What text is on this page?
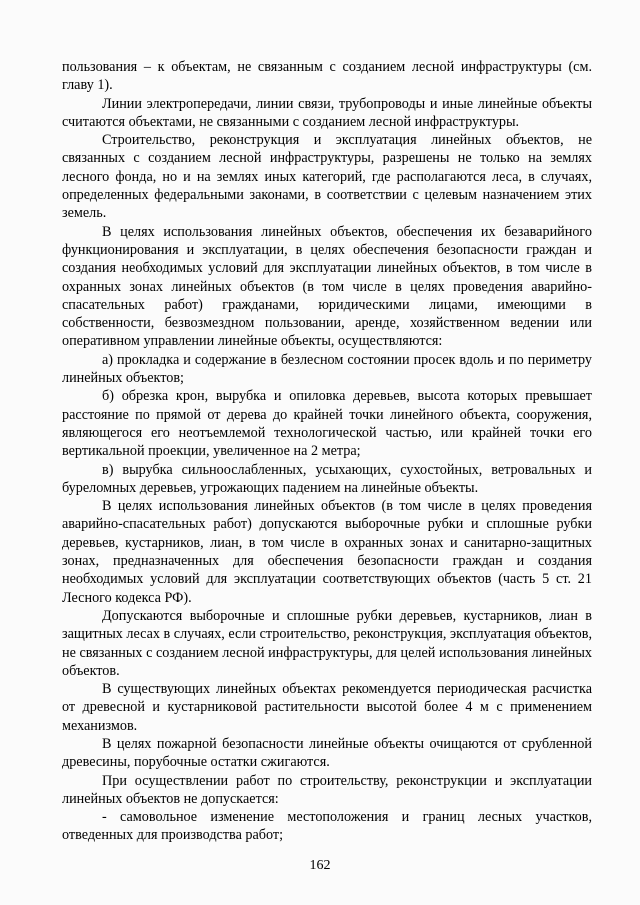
пользования – к объектам, не связанным с созданием лесной инфраструктуры (см. главу 1).

Линии электропередачи, линии связи, трубопроводы и иные линейные объекты считаются объектами, не связанными с созданием лесной инфраструктуры.

Строительство, реконструкция и эксплуатация линейных объектов, не связанных с созданием лесной инфраструктуры, разрешены не только на землях лесного фонда, но и на землях иных категорий, где располагаются леса, в случаях, определенных федеральными законами, в соответствии с целевым назначением этих земель.

В целях использования линейных объектов, обеспечения их безаварийного функционирования и эксплуатации, в целях обеспечения безопасности граждан и создания необходимых условий для эксплуатации линейных объектов, в том числе в охранных зонах линейных объектов (в том числе в целях проведения аварийно-спасательных работ) гражданами, юридическими лицами, имеющими в собственности, безвозмездном пользовании, аренде, хозяйственном ведении или оперативном управлении линейные объекты, осуществляются:

а) прокладка и содержание в безлесном состоянии просек вдоль и по периметру линейных объектов;

б) обрезка крон, вырубка и опиловка деревьев, высота которых превышает расстояние по прямой от дерева до крайней точки линейного объекта, сооружения, являющегося его неотъемлемой технологической частью, или крайней точки его вертикальной проекции, увеличенное на 2 метра;

в) вырубка сильноослабленных, усыхающих, сухостойных, ветровальных и буреломных деревьев, угрожающих падением на линейные объекты.

В целях использования линейных объектов (в том числе в целях проведения аварийно-спасательных работ) допускаются выборочные рубки и сплошные рубки деревьев, кустарников, лиан, в том числе в охранных зонах и санитарно-защитных зонах, предназначенных для обеспечения безопасности граждан и создания необходимых условий для эксплуатации соответствующих объектов (часть 5 ст. 21 Лесного кодекса РФ).

Допускаются выборочные и сплошные рубки деревьев, кустарников, лиан в защитных лесах в случаях, если строительство, реконструкция, эксплуатация объектов, не связанных с созданием лесной инфраструктуры, для целей использования линейных объектов.

В существующих линейных объектах рекомендуется периодическая расчистка от древесной и кустарниковой растительности высотой более 4 м с применением механизмов.

В целях пожарной безопасности линейные объекты очищаются от срубленной древесины, порубочные остатки сжигаются.

При осуществлении работ по строительству, реконструкции и эксплуатации линейных объектов не допускается:

- самовольное изменение местоположения и границ лесных участков, отведенных для производства работ;

162
